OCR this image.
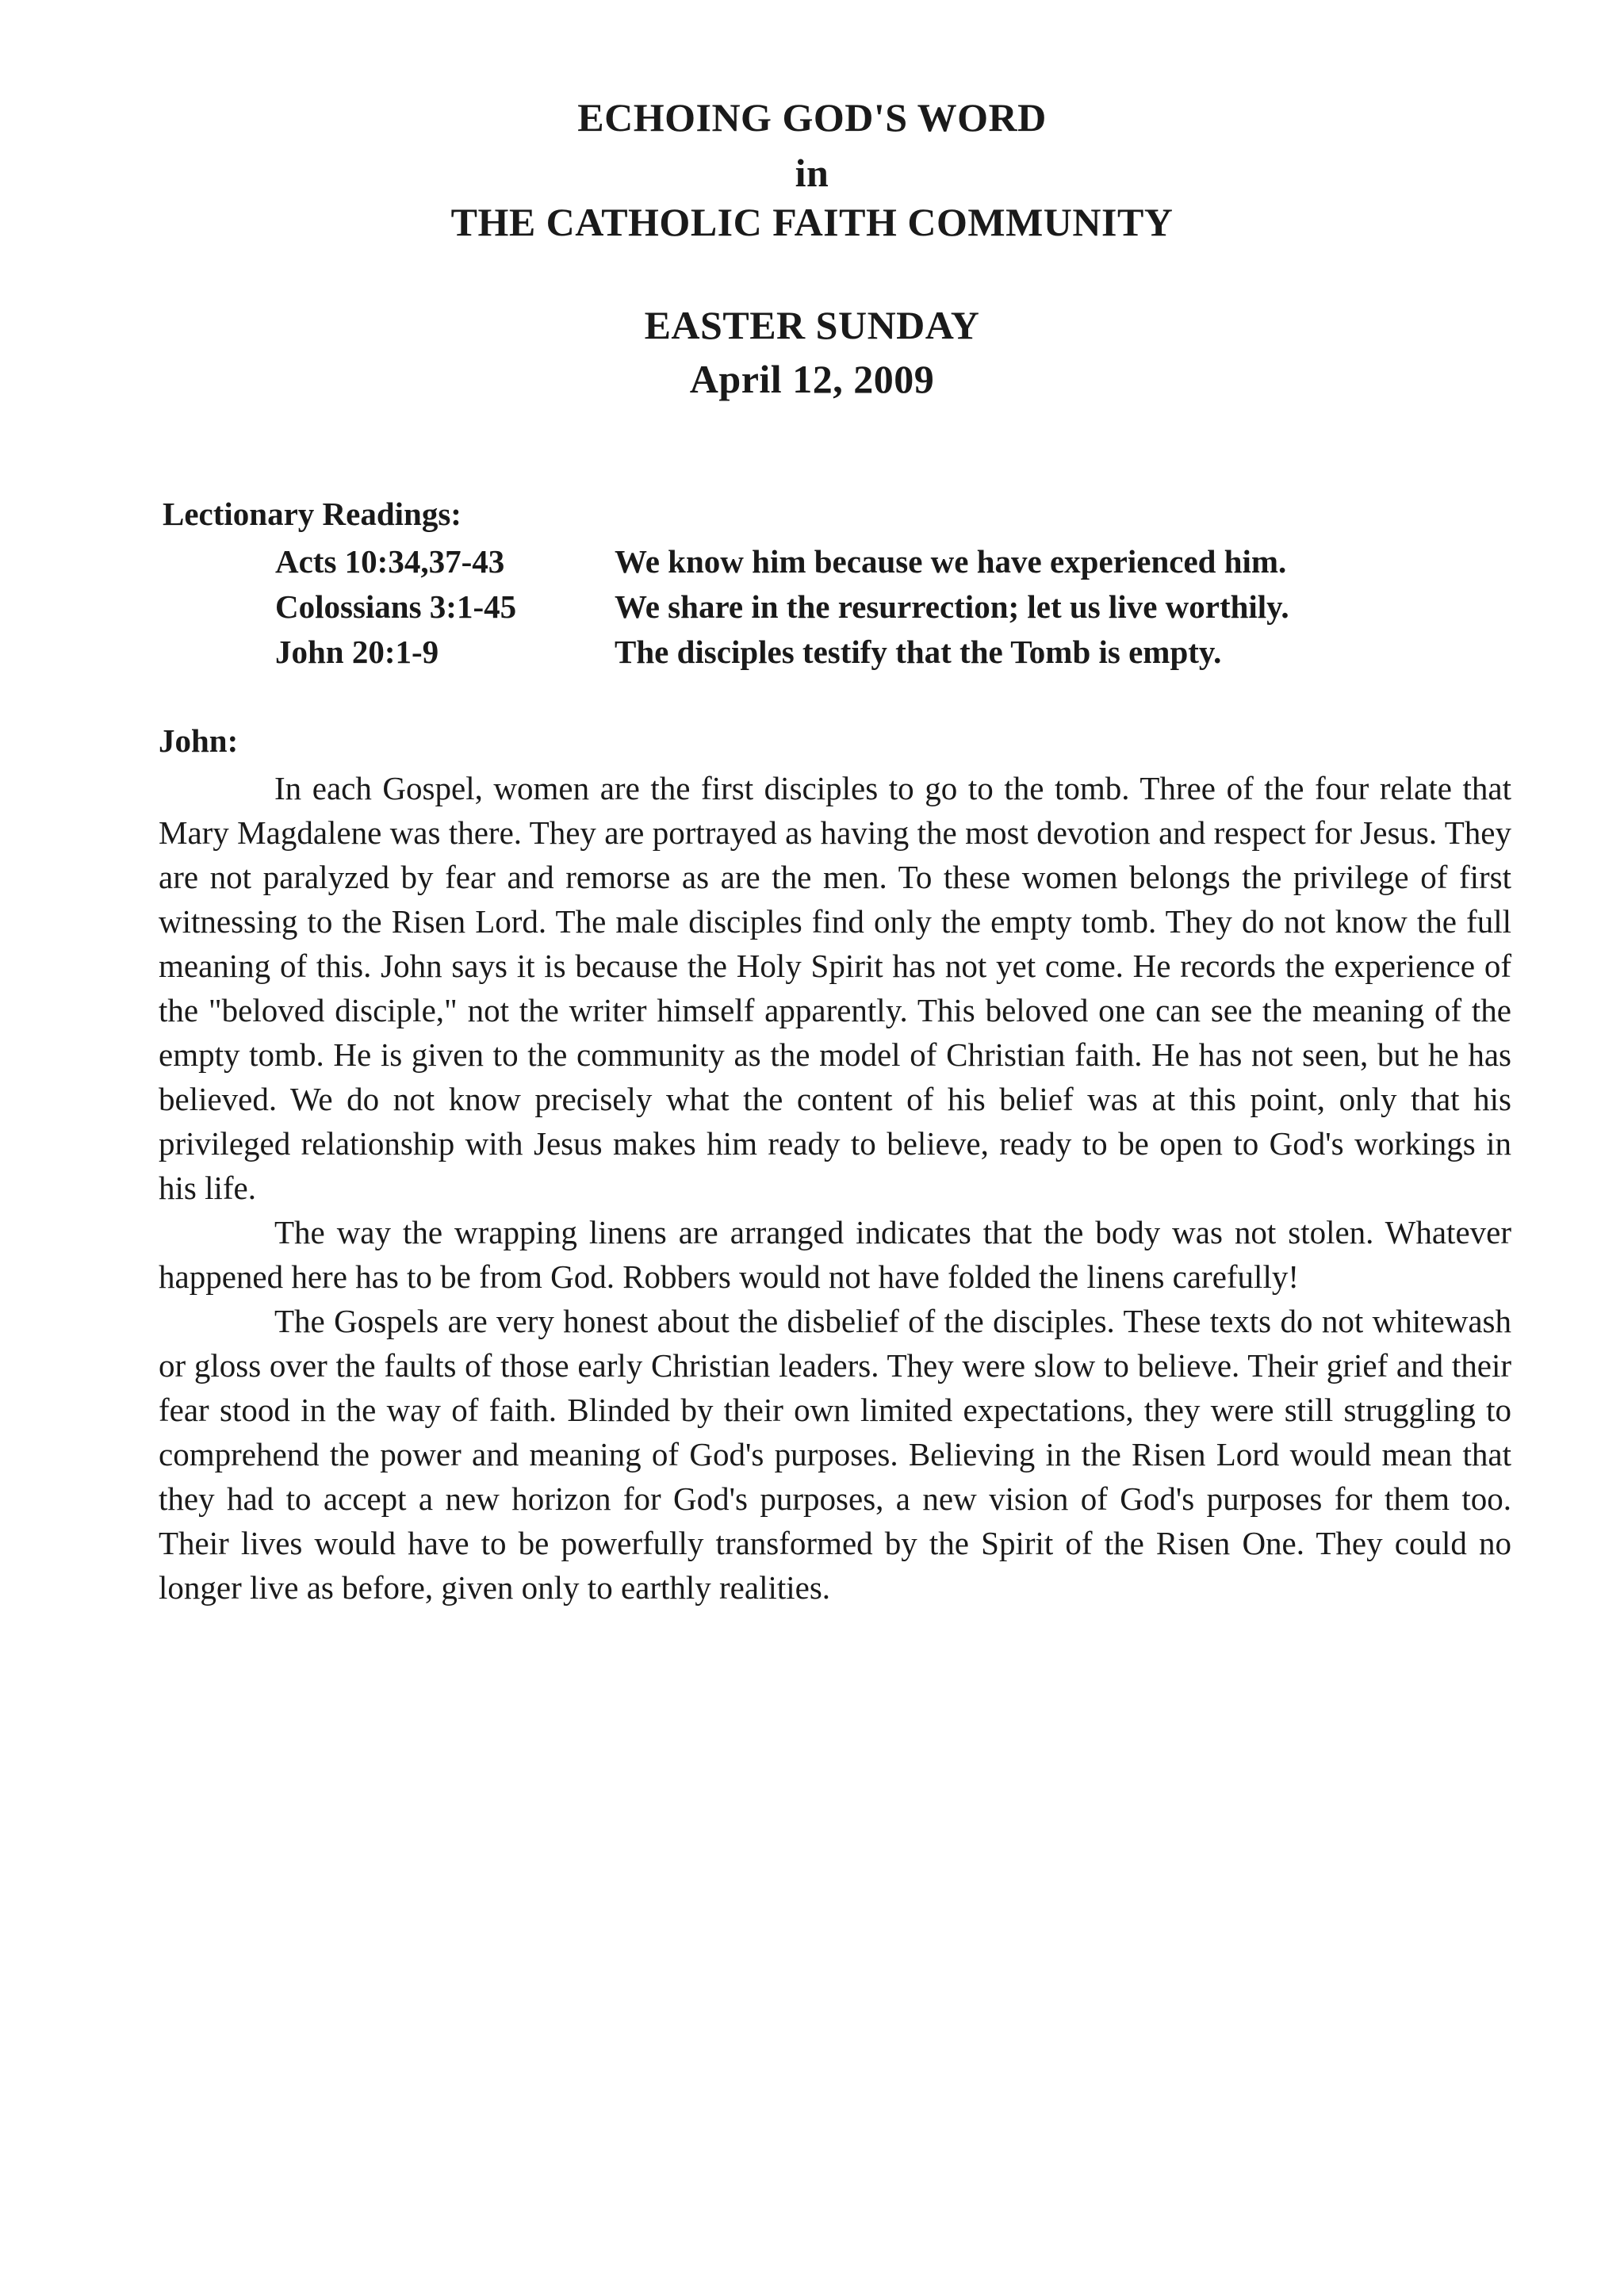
ECHOING GOD'S WORD
in
THE CATHOLIC FAITH COMMUNITY
EASTER SUNDAY
April 12, 2009
Lectionary Readings:
Acts 10:34,37-43	We know him because we have experienced him.
Colossians 3:1-45	We share in the resurrection; let us live worthily.
John 20:1-9	The disciples testify that the Tomb is empty.
John:

In each Gospel, women are the first disciples to go to the tomb. Three of the four relate that Mary Magdalene was there. They are portrayed as having the most devotion and respect for Jesus. They are not paralyzed by fear and remorse as are the men. To these women belongs the privilege of first witnessing to the Risen Lord. The male disciples find only the empty tomb. They do not know the full meaning of this. John says it is because the Holy Spirit has not yet come. He records the experience of the "beloved disciple," not the writer himself apparently. This beloved one can see the meaning of the empty tomb. He is given to the community as the model of Christian faith. He has not seen, but he has believed. We do not know precisely what the content of his belief was at this point, only that his privileged relationship with Jesus makes him ready to believe, ready to be open to God's workings in his life.

The way the wrapping linens are arranged indicates that the body was not stolen. Whatever happened here has to be from God. Robbers would not have folded the linens carefully!

The Gospels are very honest about the disbelief of the disciples. These texts do not whitewash or gloss over the faults of those early Christian leaders. They were slow to believe. Their grief and their fear stood in the way of faith. Blinded by their own limited expectations, they were still struggling to comprehend the power and meaning of God's purposes. Believing in the Risen Lord would mean that they had to accept a new horizon for God's purposes, a new vision of God's purposes for them too. Their lives would have to be powerfully transformed by the Spirit of the Risen One. They could no longer live as before, given only to earthly realities.
